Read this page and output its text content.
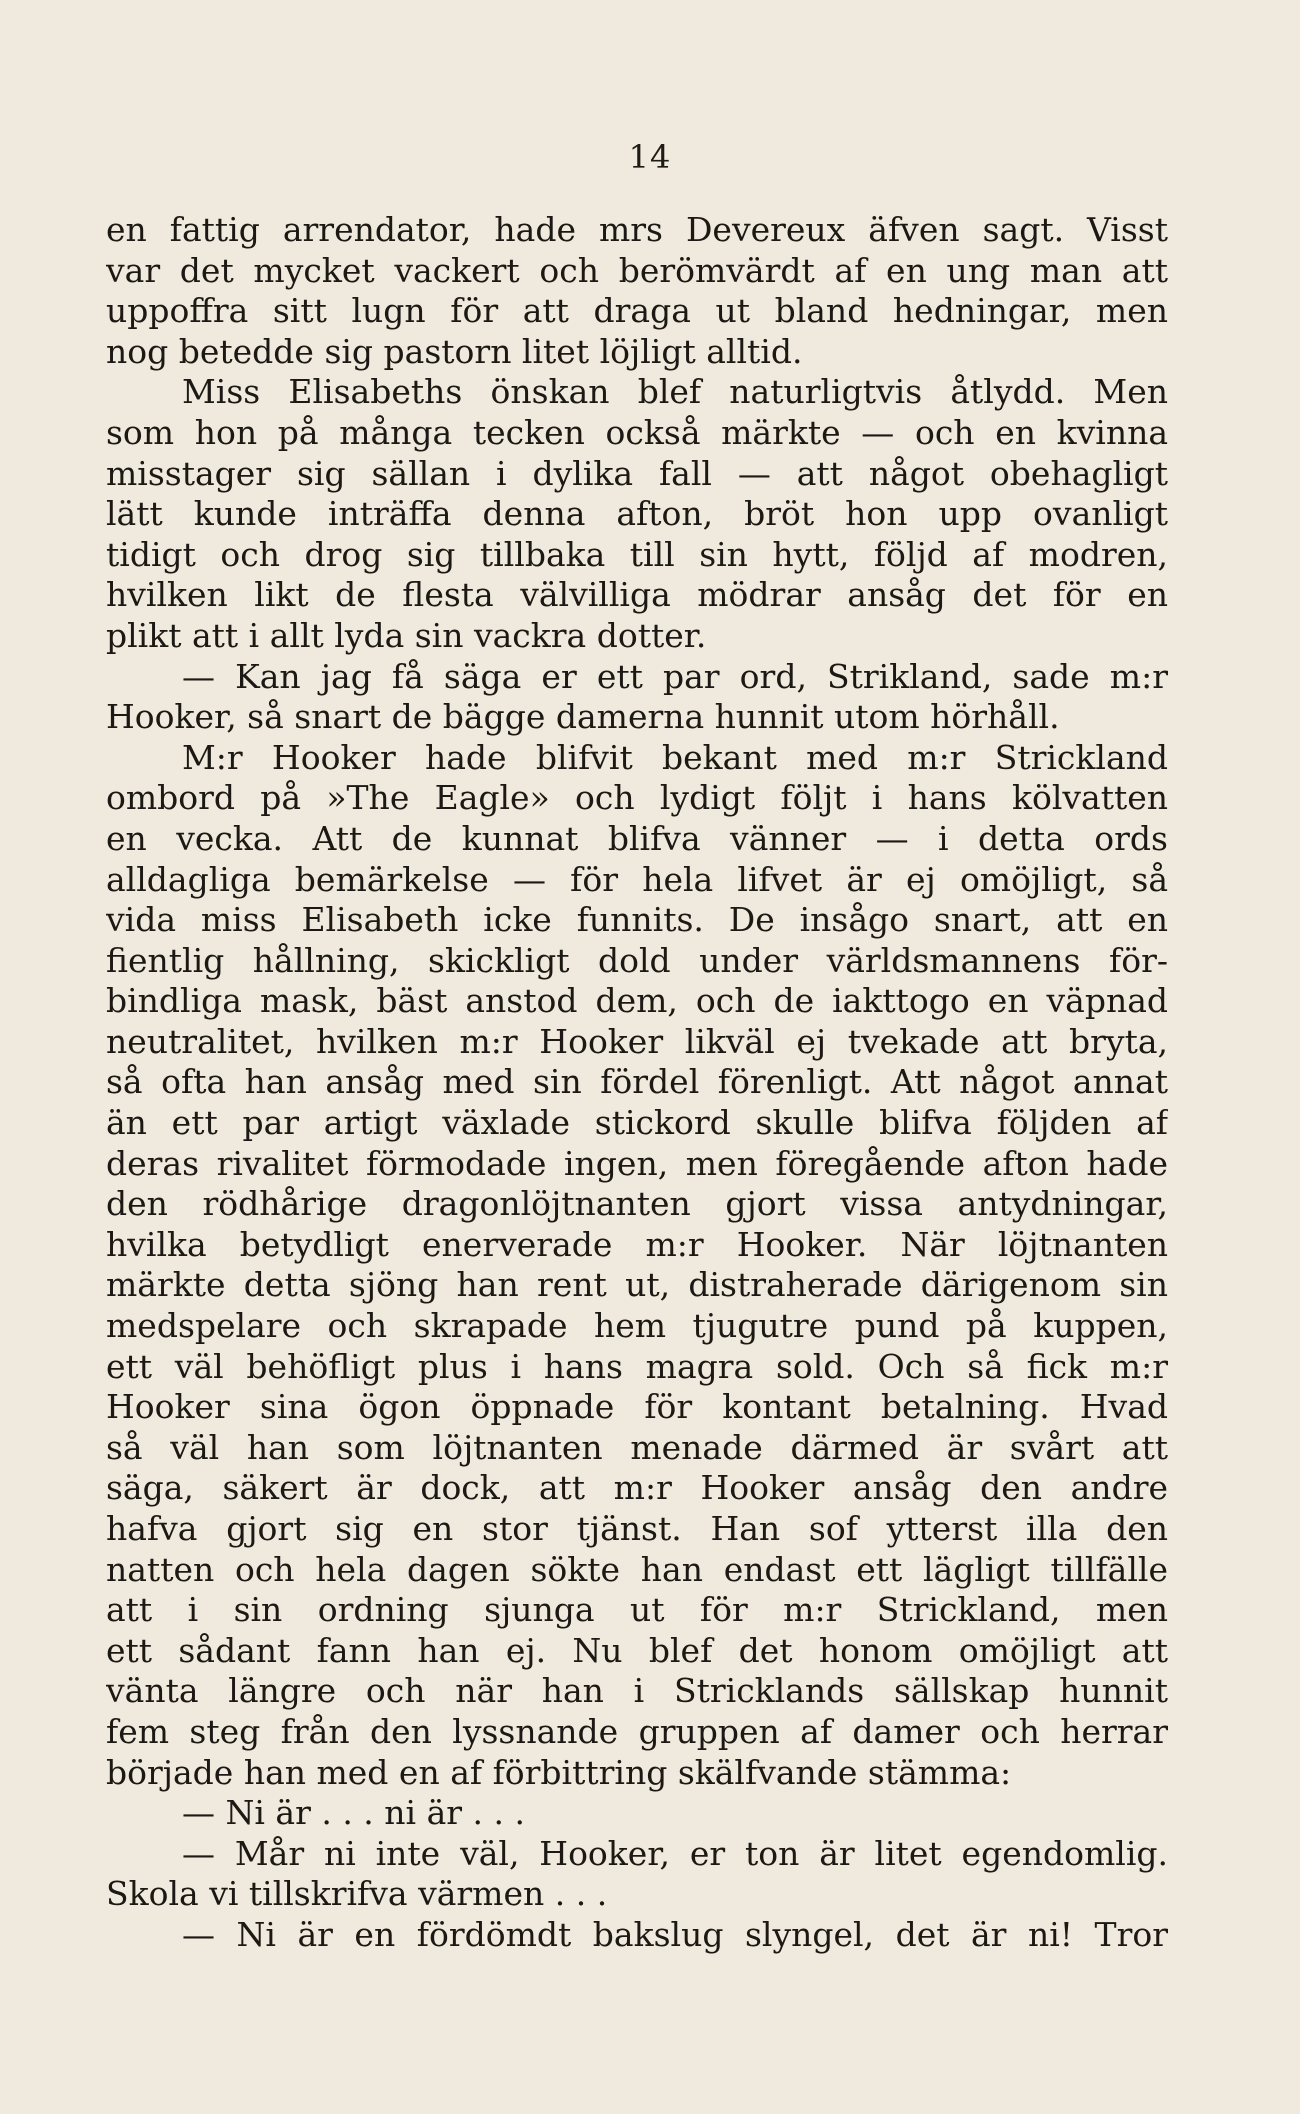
14
en fattig arrendator, hade mrs Devereux äfven sagt. Visst
var det mycket vackert och berömvärdt af en ung man att
uppoffra sitt lugn för att draga ut bland hedningar, men
nog betedde sig pastorn litet löjligt alltid.
Miss Elisabeths önskan blef naturligtvis åtlydd. Men
som hon på många tecken också märkte — och en kvinna
misstager sig sällan i dylika fall — att något obehagligt
lätt kunde inträffa denna afton, bröt hon upp ovanligt
tidigt och drog sig tillbaka till sin hytt, följd af modren,
hvilken likt de flesta välvilliga mödrar ansåg det för en
plikt att i allt lyda sin vackra dotter.
— Kan jag få säga er ett par ord, Strikland, sade m:r
Hooker, så snart de bägge damerna hunnit utom hörhåll.
M:r Hooker hade blifvit bekant med m:r Strickland
ombord på »The Eagle» och lydigt följt i hans kölvatten
en vecka. Att de kunnat blifva vänner — i detta ords
alldagliga bemärkelse — för hela lifvet är ej omöjligt, så
vida miss Elisabeth icke funnits. De insågo snart, att en
fientlig hållning, skickligt dold under världsmannens för-
bindliga mask, bäst anstod dem, och de iakttogo en väpnad
neutralitet, hvilken m:r Hooker likväl ej tvekade att bryta,
så ofta han ansåg med sin fördel förenligt. Att något annat
än ett par artigt växlade stickord skulle blifva följden af
deras rivalitet förmodade ingen, men föregående afton hade
den rödhårige dragonlöjtnanten gjort vissa antydningar,
hvilka betydligt enerverade m:r Hooker. När löjtnanten
märkte detta sjöng han rent ut, distraherade därigenom sin
medspelare och skrapade hem tjugutre pund på kuppen,
ett väl behöfligt plus i hans magra sold. Och så fick m:r
Hooker sina ögon öppnade för kontant betalning. Hvad
så väl han som löjtnanten menade därmed är svårt att
säga, säkert är dock, att m:r Hooker ansåg den andre
hafva gjort sig en stor tjänst. Han sof ytterst illa den
natten och hela dagen sökte han endast ett lägligt tillfälle
att i sin ordning sjunga ut för m:r Strickland, men
ett sådant fann han ej. Nu blef det honom omöjligt att
vänta längre och när han i Stricklands sällskap hunnit
fem steg från den lyssnande gruppen af damer och herrar
började han med en af förbittring skälfvande stämma:
— Ni är . . . ni är . . .
— Mår ni inte väl, Hooker, er ton är litet egendomlig.
Skola vi tillskrifva värmen . . .
— Ni är en fördömdt bakslug slyngel, det är ni! Tror
